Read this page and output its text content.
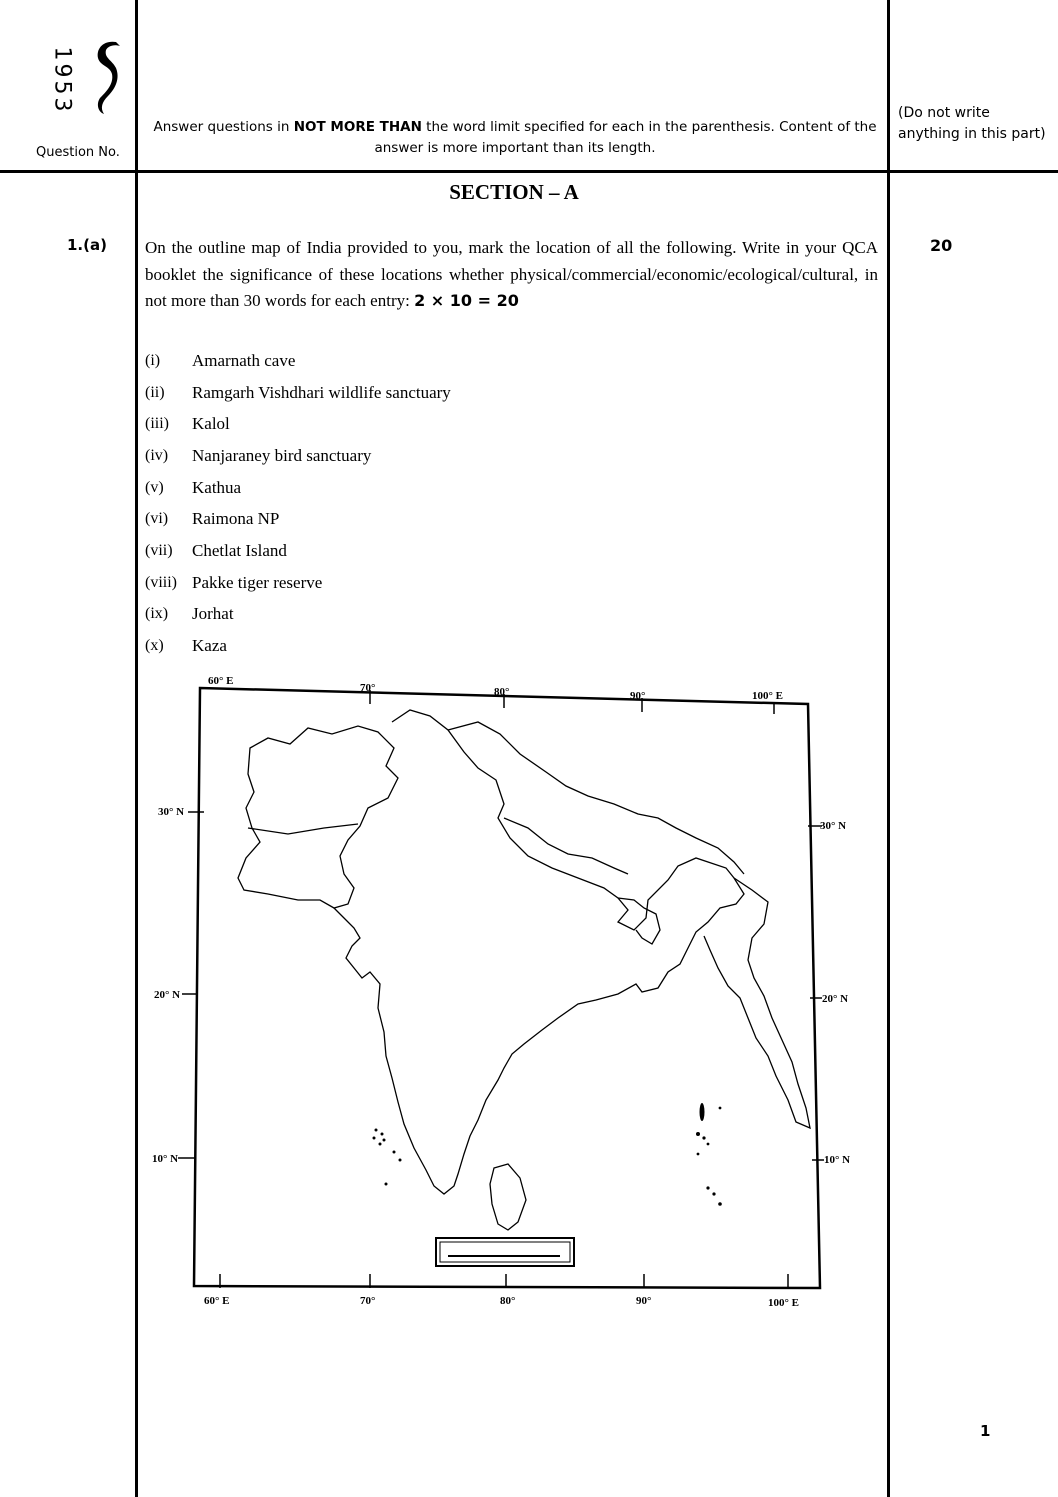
1953
Question No.
Answer questions in NOT MORE THAN the word limit specified for each in the parenthesis. Content of the answer is more important than its length.
(Do not write anything in this part)
SECTION – A
1.(a)	20
On the outline map of India provided to you, mark the location of all the following. Write in your QCA booklet the significance of these locations whether physical/commercial/economic/ecological/cultural, in not more than 30 words for each entry: 2 × 10 = 20
(i)	Amarnath cave
(ii)	Ramgarh Vishdhari wildlife sanctuary
(iii)	Kalol
(iv)	Nanjaraney bird sanctuary
(v)	Kathua
(vi)	Raimona NP
(vii)	Chetlat Island
(viii) Pakke tiger reserve
(ix)	Jorhat
(x)	Kaza
60° E
70°	80°	90°	100° E
60° E	70°	80°	90°	100° E
30° N
20° N
10° N
30° N
20° N
10° N
​
1
